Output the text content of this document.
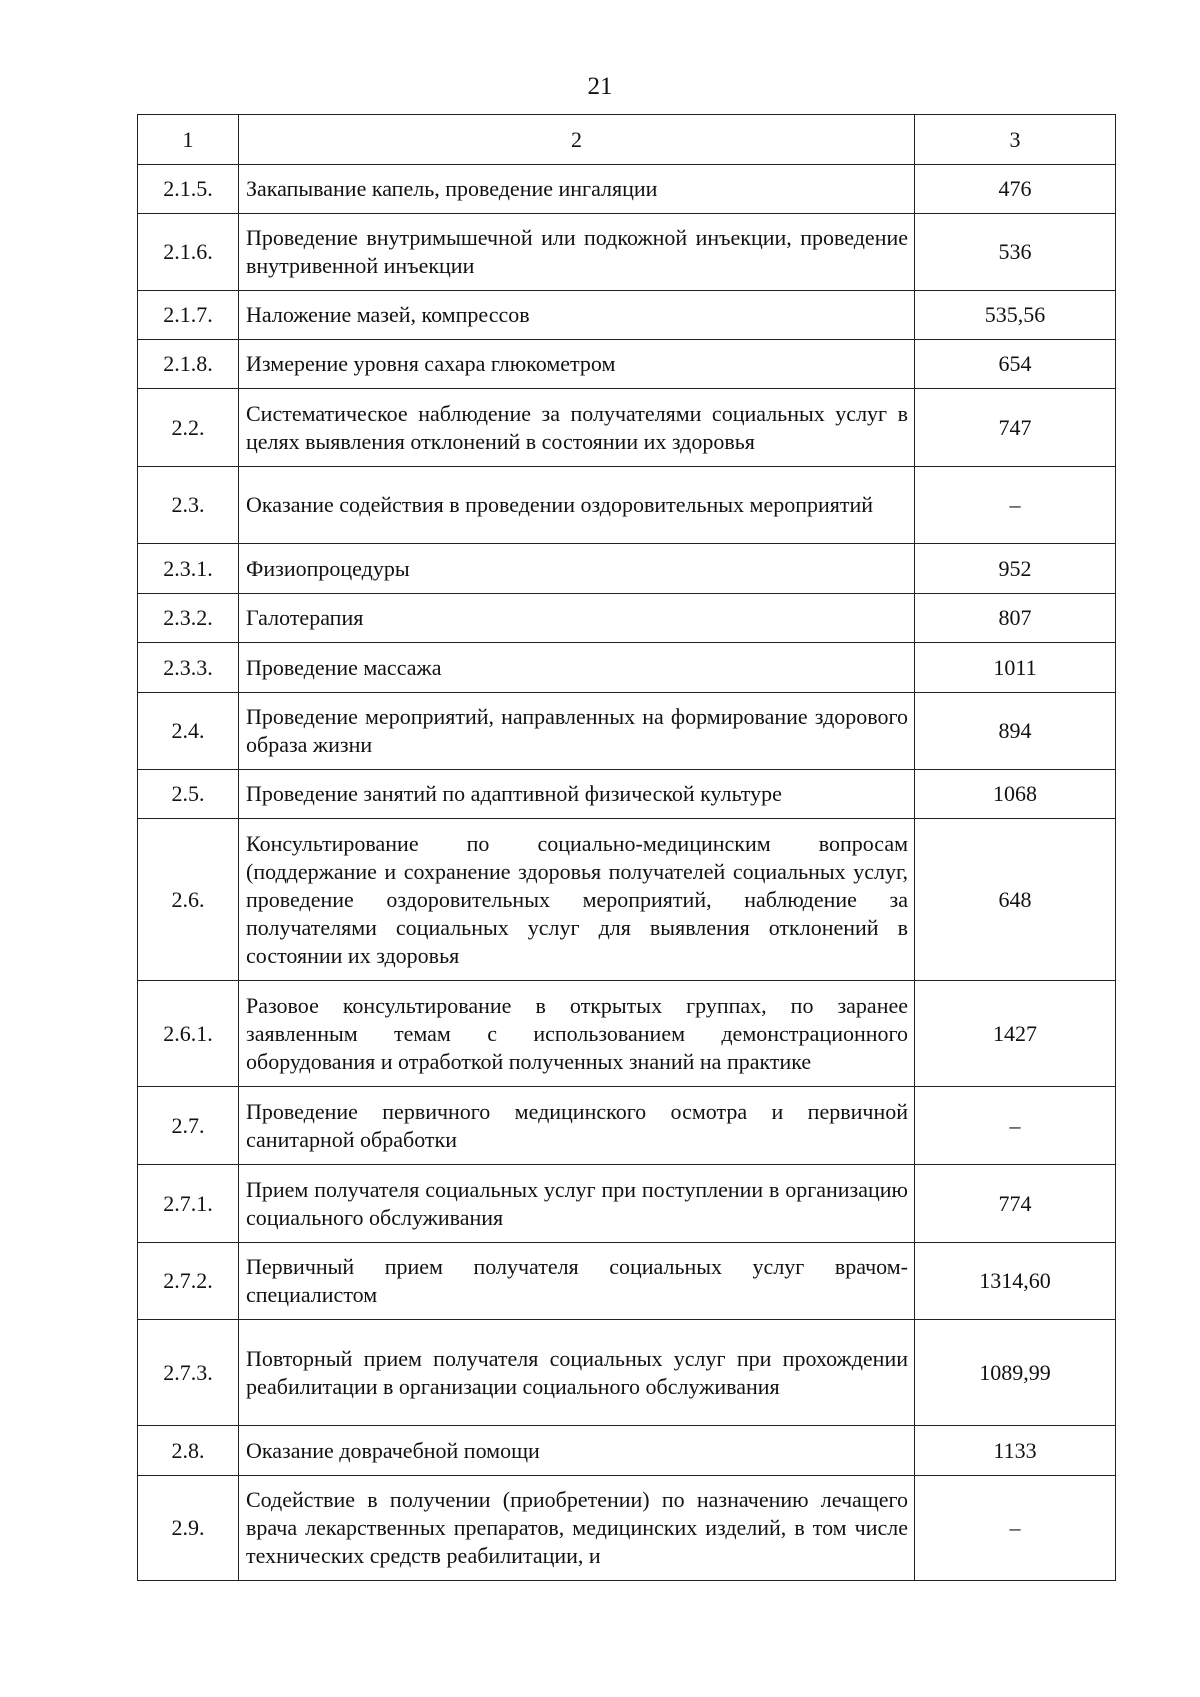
21
1	2	3
2.1.5.	Закапывание капель, проведение ингаляции	476
2.1.6.	Проведение внутримышечной или подкожной инъекции, проведение внутривенной инъекции	536
2.1.7.	Наложение мазей, компрессов	535,56
2.1.8.	Измерение уровня сахара глюкометром	654
2.2.	Систематическое наблюдение за получателями социальных услуг в целях выявления отклонений в состоянии их здоровья	747
2.3.	Оказание содействия в проведении оздоровительных мероприятий	–
2.3.1.	Физиопроцедуры	952
2.3.2.	Галотерапия	807
2.3.3.	Проведение массажа	1011
2.4.	Проведение мероприятий, направленных на формирование здорового образа жизни	894
2.5.	Проведение занятий по адаптивной физической культуре	1068
2.6.	Консультирование по социально-медицинским вопросам (поддержание и сохранение здоровья получателей социальных услуг, проведение оздоровительных мероприятий, наблюдение за получателями социальных услуг для выявления отклонений в состоянии их здоровья	648
2.6.1.	Разовое консультирование в открытых группах, по заранее заявленным темам с использованием демонстрационного оборудования и отработкой полученных знаний на практике	1427
2.7.	Проведение первичного медицинского осмотра и первичной санитарной обработки	–
2.7.1.	Прием получателя социальных услуг при поступлении в организацию социального обслуживания	774
2.7.2.	Первичный прием получателя социальных услуг врачом-специалистом	1314,60
2.7.3.	Повторный прием получателя социальных услуг при прохождении реабилитации в организации социального обслуживания	1089,99
2.8.	Оказание доврачебной помощи	1133
2.9.	Содействие в получении (приобретении) по назначению лечащего врача лекарственных препаратов, медицинских изделий, в том числе технических средств реабилитации, и	–
